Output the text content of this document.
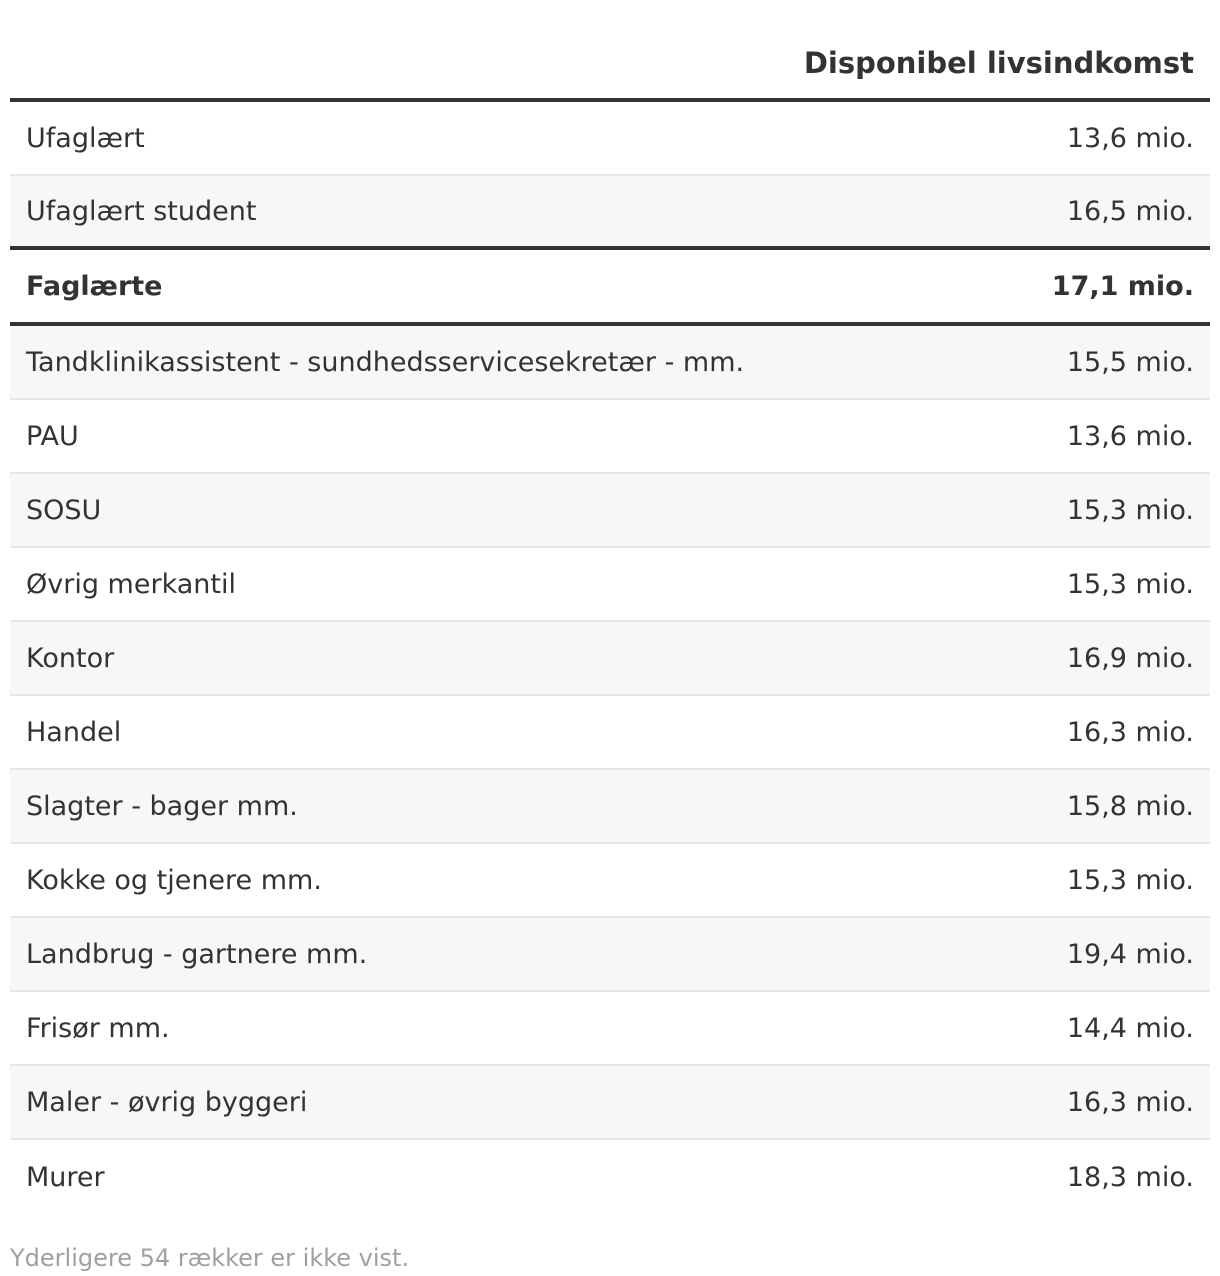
Disponibel livsindkomst
Ufaglært	13,6 mio.
Ufaglært student	16,5 mio.
Faglærte	17,1 mio.
Tandklinikassistent - sundhedsservicesekretær - mm.	15,5 mio.
PAU	13,6 mio.
SOSU	15,3 mio.
Øvrig merkantil	15,3 mio.
Kontor	16,9 mio.
Handel	16,3 mio.
Slagter - bager mm.	15,8 mio.
Kokke og tjenere mm.	15,3 mio.
Landbrug - gartnere mm.	19,4 mio.
Frisør mm.	14,4 mio.
Maler - øvrig byggeri	16,3 mio.
Murer	18,3 mio.
Yderligere 54 rækker er ikke vist.
